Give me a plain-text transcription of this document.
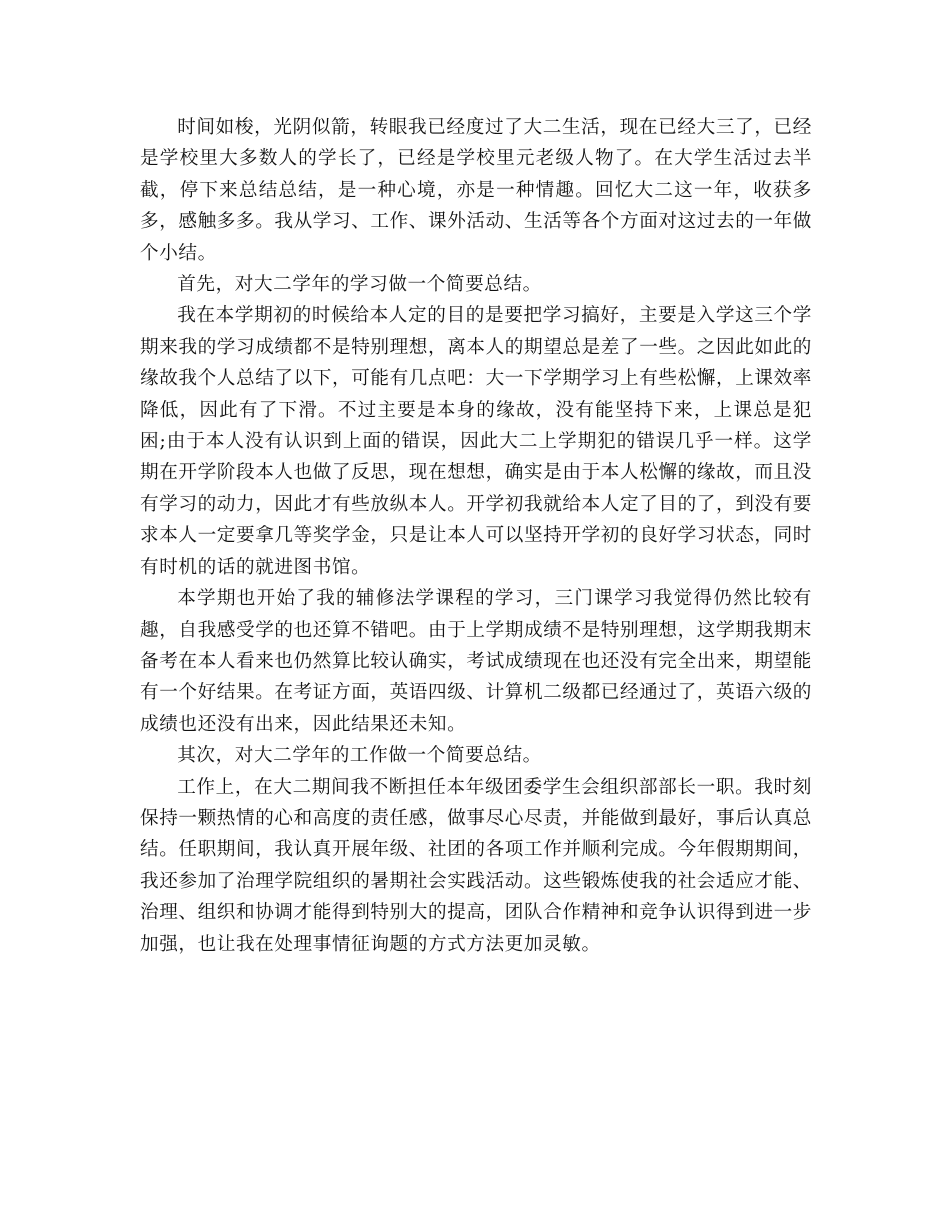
时间如梭，光阴似箭，转眼我已经度过了大二生活，现在已经大三了，已经是学校里大多数人的学长了，已经是学校里元老级人物了。在大学生活过去半截，停下来总结总结，是一种心境，亦是一种情趣。回忆大二这一年，收获多多，感触多多。我从学习、工作、课外活动、生活等各个方面对这过去的一年做个小结。

首先，对大二学年的学习做一个简要总结。

我在本学期初的时候给本人定的目的是要把学习搞好，主要是入学这三个学期来我的学习成绩都不是特别理想，离本人的期望总是差了一些。之因此如此的缘故我个人总结了以下，可能有几点吧：大一下学期学习上有些松懈，上课效率降低，因此有了下滑。不过主要是本身的缘故，没有能坚持下来，上课总是犯困;由于本人没有认识到上面的错误，因此大二上学期犯的错误几乎一样。这学期在开学阶段本人也做了反思，现在想想，确实是由于本人松懈的缘故，而且没有学习的动力，因此才有些放纵本人。开学初我就给本人定了目的了，到没有要求本人一定要拿几等奖学金，只是让本人可以坚持开学初的良好学习状态，同时有时机的话的就进图书馆。

本学期也开始了我的辅修法学课程的学习，三门课学习我觉得仍然比较有趣，自我感受学的也还算不错吧。由于上学期成绩不是特别理想，这学期我期末备考在本人看来也仍然算比较认确实，考试成绩现在也还没有完全出来，期望能有一个好结果。在考证方面，英语四级、计算机二级都已经通过了，英语六级的成绩也还没有出来，因此结果还未知。

其次，对大二学年的工作做一个简要总结。

工作上，在大二期间我不断担任本年级团委学生会组织部部长一职。我时刻保持一颗热情的心和高度的责任感，做事尽心尽责，并能做到最好，事后认真总结。任职期间，我认真开展年级、社团的各项工作并顺利完成。今年假期期间，我还参加了治理学院组织的暑期社会实践活动。这些锻炼使我的社会适应才能、治理、组织和协调才能得到特别大的提高，团队合作精神和竞争认识得到进一步加强，也让我在处理事情征询题的方式方法更加灵敏。
